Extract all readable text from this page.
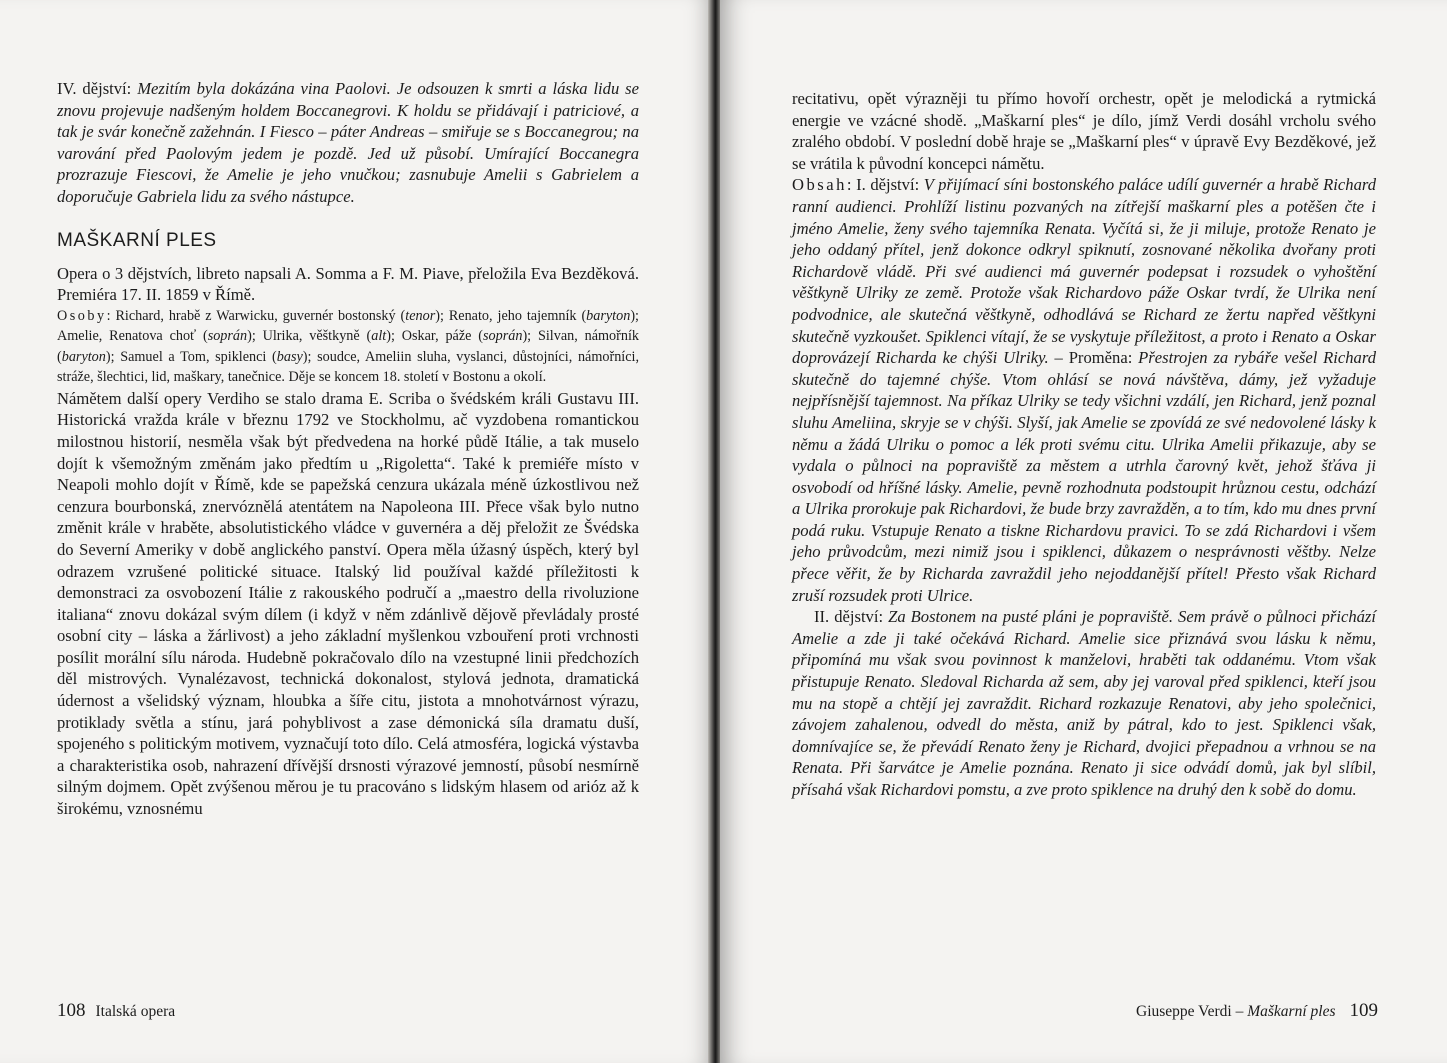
IV. dějství: Mezitím byla dokázána vina Paolovi. Je odsouzen k smrti a láska lidu se znovu projevuje nadšeným holdem Boccanegrovi. K holdu se přidávají i patriciové, a tak je svár konečně zažehnán. I Fiesco – páter Andreas – smiřuje se s Boccanegrou; na varování před Paolovým jedem je pozdě. Jed už působí. Umírající Boccanegra prozrazuje Fiescovi, že Amelie je jeho vnučkou; zasnubuje Amelii s Gabrielem a doporučuje Gabriela lidu za svého nástupce.

MAŠKARNÍ PLES

Opera o 3 dějstvích, libreto napsali A. Somma a F. M. Piave, přeložila Eva Bezděková. Premiéra 17. II. 1859 v Římě.

Osoby: Richard, hrabě z Warwicku, guvernér bostonský (tenor); Renato, jeho tajemník (baryton); Amelie, Renatova choť (soprán); Ulrika, věštkyně (alt); Oskar, páže (soprán); Silvan, námořník (baryton); Samuel a Tom, spiklenci (basy); soudce, Ameliin sluha, vyslanci, důstojníci, námořníci, stráže, šlechtici, lid, maškary, tanečnice. Děje se koncem 18. století v Bostonu a okolí.

Námětem další opery Verdiho se stalo drama E. Scriba o švédském králi Gustavu III. Historická vražda krále v březnu 1792 ve Stockholmu, ač vyzdobena romantickou milostnou historií, nesměla však být předvedena na horké půdě Itálie, a tak muselo dojít k všemožným změnám jako předtím u „Rigoletta“. Také k premiéře místo v Neapoli mohlo dojít v Římě, kde se papežská cenzura ukázala méně úzkostlivou než cenzura bourbonská, znervóznělá atentátem na Napoleona III. Přece však bylo nutno změnit krále v hraběte, absolutistického vládce v guvernéra a děj přeložit ze Švédska do Severní Ameriky v době anglického panství. Opera měla úžasný úspěch, který byl odrazem vzrušené politické situace. Italský lid používal každé příležitosti k demonstraci za osvobození Itálie z rakouského područí a „maestro della rivoluzione italiana“ znovu dokázal svým dílem (i když v něm zdánlivě dějově převládaly prosté osobní city – láska a žárlivost) a jeho základní myšlenkou vzbouření proti vrchnosti posílit morální sílu národa. Hudebně pokračovalo dílo na vzestupné linii předchozích děl mistrových. Vynalézavost, technická dokonalost, stylová jednota, dramatická údernost a všelidský význam, hloubka a šíře citu, jistota a mnohotvárnost výrazu, protiklady světla a stínu, jará pohyblivost a zase démonická síla dramatu duší, spojeného s politickým motivem, vyznačují toto dílo. Celá atmosféra, logická výstavba a charakteristika osob, nahrazení dřívější drsnosti výrazové jemností, působí nesmírně silným dojmem. Opět zvýšenou měrou je tu pracováno s lidským hlasem od arióz až k širokému, vznosnému

108 Italská opera

recitativu, opět výrazněji tu přímo hovoří orchestr, opět je melodická a rytmická energie ve vzácné shodě. „Maškarní ples“ je dílo, jímž Verdi dosáhl vrcholu svého zralého období. V poslední době hraje se „Maškarní ples“ v úpravě Evy Bezděkové, jež se vrátila k původní koncepci námětu.

Obsah: I. dějství: V přijímací síni bostonského paláce udílí guvernér a hrabě Richard ranní audienci. Prohlíží listinu pozvaných na zítřejší maškarní ples a potěšen čte i jméno Amelie, ženy svého tajemníka Renata. Vyčítá si, že ji miluje, protože Renato je jeho oddaný přítel, jenž dokonce odkryl spiknutí, zosnované několika dvořany proti Richardově vládě. Při své audienci má guvernér podepsat i rozsudek o vyhoštění věštkyně Ulriky ze země. Protože však Richardovo páže Oskar tvrdí, že Ulrika není podvodnice, ale skutečná věštkyně, odhodlává se Richard ze žertu napřed věštkyni skutečně vyzkoušet. Spiklenci vítají, že se vyskytuje příležitost, a proto i Renato a Oskar doprovázejí Richarda ke chýši Ulriky. – Proměna: Přestrojen za rybáře vešel Richard skutečně do tajemné chýše. Vtom ohlásí se nová návštěva, dámy, jež vyžaduje nejpřísnější tajemnost. Na příkaz Ulriky se tedy všichni vzdálí, jen Richard, jenž poznal sluhu Ameliina, skryje se v chýši. Slyší, jak Amelie se zpovídá ze své nedovolené lásky k němu a žádá Ulriku o pomoc a lék proti svému citu. Ulrika Amelii přikazuje, aby se vydala o půlnoci na popraviště za městem a utrhla čarovný květ, jehož šťáva ji osvobodí od hříšné lásky. Amelie, pevně rozhodnuta podstoupit hrůznou cestu, odchází a Ulrika prorokuje pak Richardovi, že bude brzy zavražděn, a to tím, kdo mu dnes první podá ruku. Vstupuje Renato a tiskne Richardovu pravici. To se zdá Richardovi i všem jeho průvodcům, mezi nimiž jsou i spiklenci, důkazem o nesprávnosti věštby. Nelze přece věřit, že by Richarda zavraždil jeho nejoddanější přítel! Přesto však Richard zruší rozsudek proti Ulrice.

II. dějství: Za Bostonem na pusté pláni je popraviště. Sem právě o půlnoci přichází Amelie a zde ji také očekává Richard. Amelie sice přiznává svou lásku k němu, připomíná mu však svou povinnost k manželovi, hraběti tak oddanému. Vtom však přistupuje Renato. Sledoval Richarda až sem, aby jej varoval před spiklenci, kteří jsou mu na stopě a chtějí jej zavraždit. Richard rozkazuje Renatovi, aby jeho společnici, závojem zahalenou, odvedl do města, aniž by pátral, kdo to jest. Spiklenci však, domnívajíce se, že převádí Renato ženy je Richard, dvojici přepadnou a vrhnou se na Renata. Při šarvátce je Amelie poznána. Renato ji sice odvádí domů, jak byl slíbil, přísahá však Richardovi pomstu, a zve proto spiklence na druhý den k sobě do domu.

Giuseppe Verdi – Maškarní ples 109
